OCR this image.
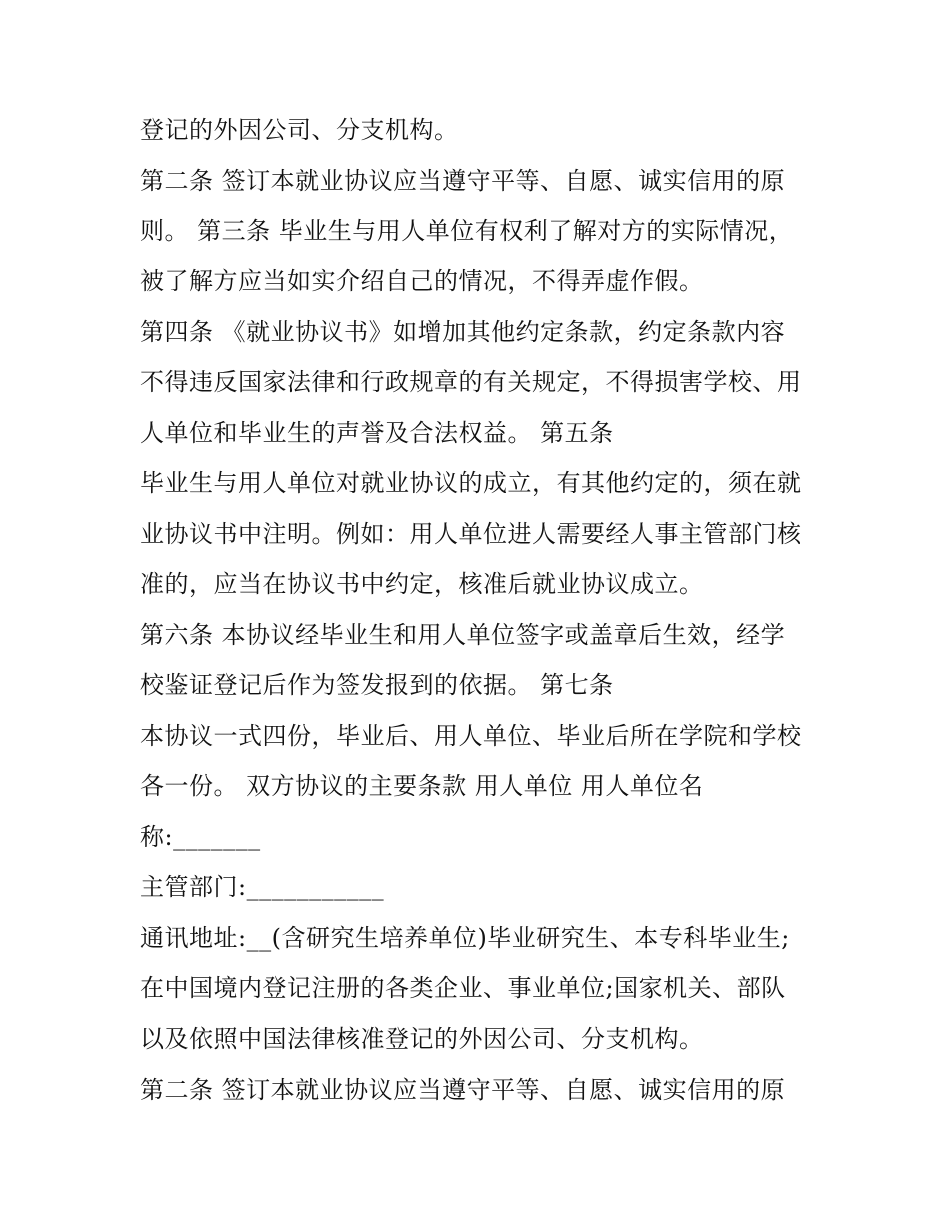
登记的外因公司、分支机构。
第二条 签订本就业协议应当遵守平等、自愿、诚实信用的原
则。 第三条 毕业生与用人单位有权利了解对方的实际情况，
被了解方应当如实介绍自己的情况，不得弄虚作假。
第四条 《就业协议书》如增加其他约定条款，约定条款内容
不得违反国家法律和行政规章的有关规定，不得损害学校、用
人单位和毕业生的声誉及合法权益。 第五条
毕业生与用人单位对就业协议的成立，有其他约定的，须在就
业协议书中注明。例如：用人单位进人需要经人事主管部门核
准的，应当在协议书中约定，核准后就业协议成立。
第六条 本协议经毕业生和用人单位签字或盖章后生效，经学
校鉴证登记后作为签发报到的依据。 第七条
本协议一式四份，毕业后、用人单位、毕业后所在学院和学校
各一份。 双方协议的主要条款 用人单位 用人单位名
称:_______
主管部门:___________
通讯地址:__(含研究生培养单位)毕业研究生、本专科毕业生;
在中国境内登记注册的各类企业、事业单位;国家机关、部队
以及依照中国法律核准登记的外因公司、分支机构。
第二条 签订本就业协议应当遵守平等、自愿、诚实信用的原
